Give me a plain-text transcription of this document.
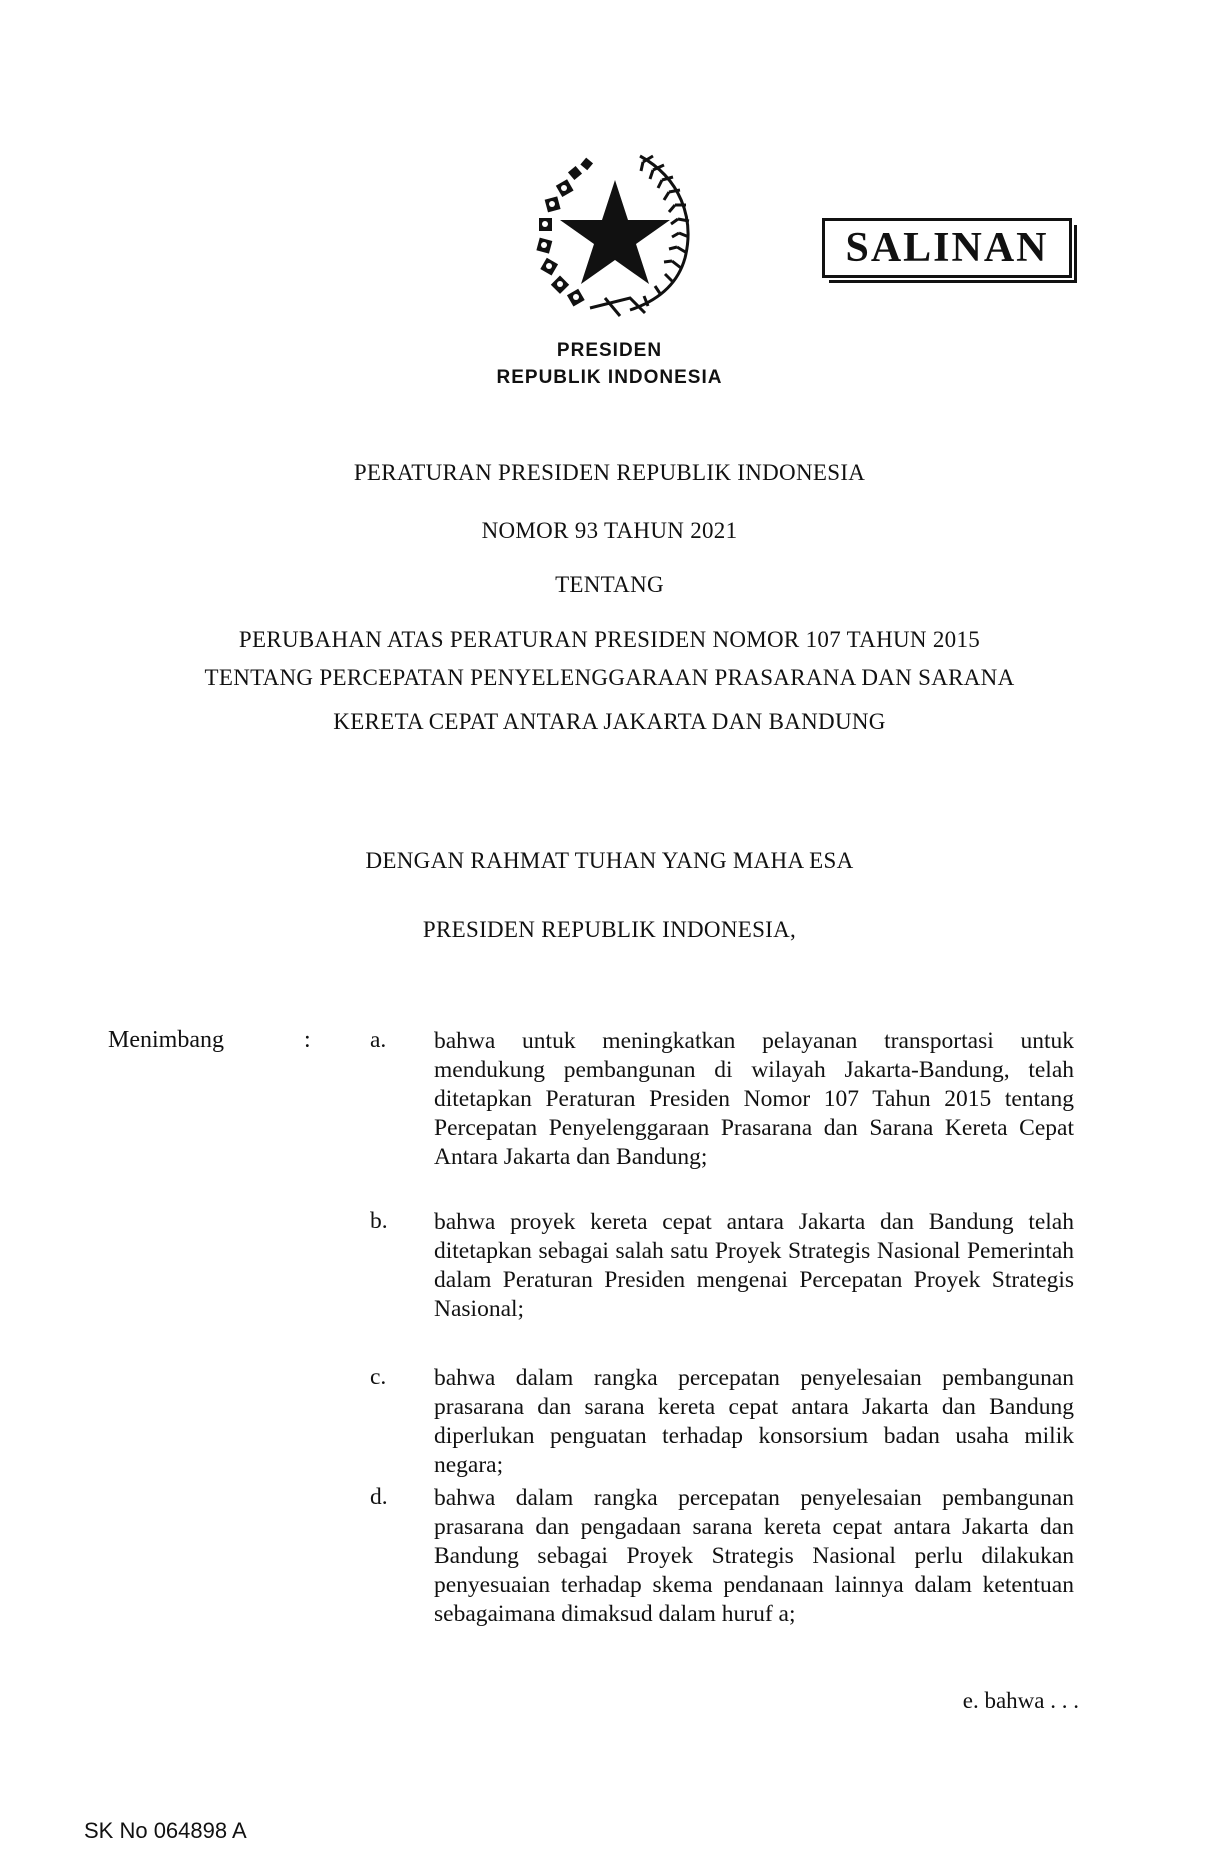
SALINAN
PRESIDEN
REPUBLIK INDONESIA
PERATURAN PRESIDEN REPUBLIK INDONESIA
NOMOR 93 TAHUN 2021
TENTANG
PERUBAHAN ATAS PERATURAN PRESIDEN NOMOR 107 TAHUN 2015
TENTANG PERCEPATAN PENYELENGGARAAN PRASARANA DAN SARANA
KERETA CEPAT ANTARA JAKARTA DAN BANDUNG
DENGAN RAHMAT TUHAN YANG MAHA ESA
PRESIDEN REPUBLIK INDONESIA,
Menimbang	:	a. bahwa untuk meningkatkan pelayanan transportasi untuk mendukung pembangunan di wilayah Jakarta-Bandung, telah ditetapkan Peraturan Presiden Nomor 107 Tahun 2015 tentang Percepatan Penyelenggaraan Prasarana dan Sarana Kereta Cepat Antara Jakarta dan Bandung;
b. bahwa proyek kereta cepat antara Jakarta dan Bandung telah ditetapkan sebagai salah satu Proyek Strategis Nasional Pemerintah dalam Peraturan Presiden mengenai Percepatan Proyek Strategis Nasional;
c. bahwa dalam rangka percepatan penyelesaian pembangunan prasarana dan sarana kereta cepat antara Jakarta dan Bandung diperlukan penguatan terhadap konsorsium badan usaha milik negara;
d. bahwa dalam rangka percepatan penyelesaian pembangunan prasarana dan pengadaan sarana kereta cepat antara Jakarta dan Bandung sebagai Proyek Strategis Nasional perlu dilakukan penyesuaian terhadap skema pendanaan lainnya dalam ketentuan sebagaimana dimaksud dalam huruf a;
e. bahwa . . .
SK No 064898 A
